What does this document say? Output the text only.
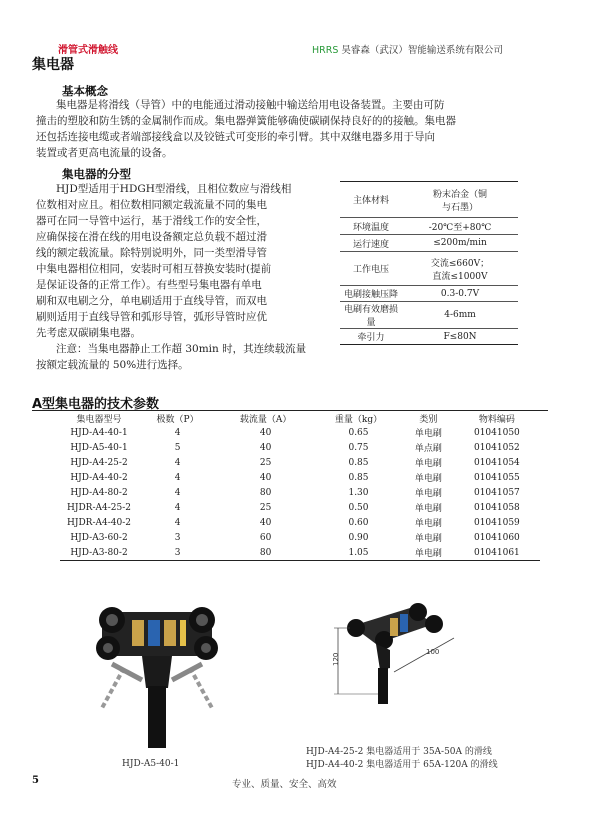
滑管式滑触线	HRRS 昊睿森（武汉）智能输送系统有限公司
集电器
基本概念
集电器是将滑线（导管）中的电能通过滑动接触中输送给用电设备装置。主要由可防
撞击的塑胶和防生锈的金属制作而成。集电器弹簧能够确使碳刷保持良好的的接触。集电器
还包括连接电缆或者端部接线盒以及铰链式可变形的牵引臂。其中双继电器多用于导向
装置或者更高电流量的设备。
集电器的分型
HJD型适用于HDGH型滑线，且相位数应与滑线相
位数相对应且。相位数相同额定载流量不同的集电
器可在同一导管中运行，基于滑线工作的安全性，
应确保接在滑在线的用电设备额定总负载不超过滑
线的额定载流量。除特别说明外，同一类型滑导管
中集电器相位相同，安装时可相互替换安装时(提前
是保证设备的正常工作）。有些型号集电器有单电
刷和双电刷之分，单电刷适用于直线导管，而双电
刷则适用于直线导管和弧形导管，弧形导管时应优
先考虑双碳刷集电器。
注意：当集电器静止工作超 30min 时，其连续载流量
按额定载流量的 50%进行选择。
主体材料	粉末冶金（铜
与石墨）

环境温度	-20℃至+80℃
运行速度	≤200m/min
工作电压	交流≤660V；
直流≤1000V

电刷接触压降	0.3-0.7V
电刷有效磨损量	4-6mm
牵引力	F≤80N
A型集电器的技术参数
集电器型号	极数（P）	载流量（A）	重量（kg）	类别	物料编码
HJD-A4-40-1	4	40	0.65	单电刷	01041050
HJD-A5-40-1	5	40	0.75	单点刷	01041052
HJD-A4-25-2	4	25	0.85	单电刷	01041054
HJD-A4-40-2	4	40	0.85	单电刷	01041055
HJD-A4-80-2	4	80	1.30	单电刷	01041057
HJDR-A4-25-2	4	25	0.50	单电刷	01041058
HJDR-A4-40-2	4	40	0.60	单电刷	01041059
HJD-A3-60-2	3	60	0.90	单电刷	01041060
HJD-A3-80-2	3	80	1.05	单电刷	01041061
HJD-A5-40-1
120
100
HJD-A4-25-2 集电器适用于 35A-50A 的滑线
HJD-A4-40-2 集电器适用于 65A-120A 的滑线
5	专业、质量、安全、高效
